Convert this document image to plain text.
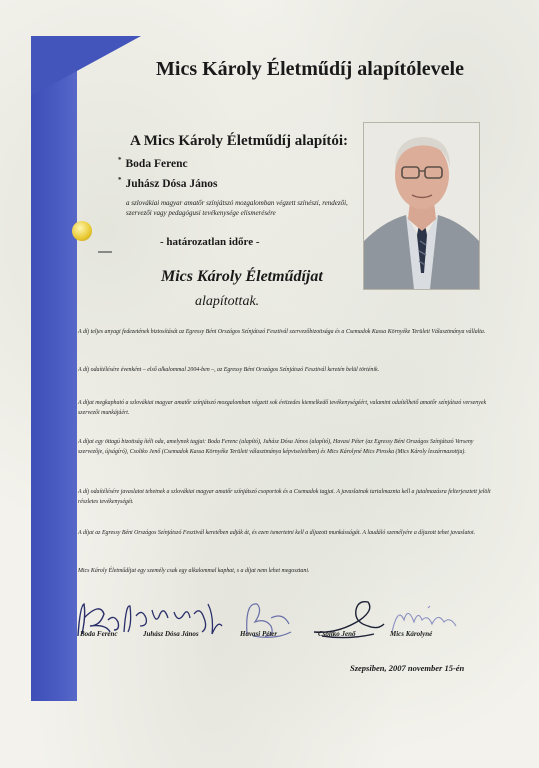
Mics Károly Életműdíj alapítólevele
A Mics Károly Életműdíj alapítói:
* Boda Ferenc
* Juhász Dósa János
a szlovákiai magyar amatőr színjátszó mozgalomban végzett színészi, rendezői, szervezői vagy pedagógusi tevékenysége elismerésére
- határozatlan időre -
Mics Károly Életműdíjat
alapítottak.
A díj teljes anyagi fedezetének biztosítását az Egressy Béni Országos Színjátszó Fesztivál szervezőbizottsága és a Csemadok Kassa Környéke Területi Választmánya vállalta.
A díj odaítélésére évenként – első alkalommal 2004-ben –, az Egressy Béni Országos Színjátszó Fesztivál keretén belül történik.
A díjat megkapható a szlovákiai magyar amatőr színjátszó mozgalomban végzett sok évtizedes kiemelkedő tevékenységéért, valamint odaítélhető amatőr színjátszó versenyek szervezői munkájáért.
A díjat egy öttagú bizottság ítéli oda, amelynek tagjai: Boda Ferenc (alapító), Juhász Dósa János (alapító), Havasi Péter (az Egressy Béni Országos Színjátszó Verseny szervezője, újságíró), Csoltko Jenő (Csemadok Kassa Környéke Területi választmánya képviseletében) és Mics Károlyné Mics Piroska (Mics Károly leszármazottja).
A díj odaítélésére javaslatot tehetnek a szlovákiai magyar amatőr színjátszó csoportok és a Csemadok tagjai. A javaslatnak tartalmaznia kell a jutalmazásra felterjesztett jelölt részletes tevékenységét.
A díjat az Egressy Béni Országos Színjátszó Fesztivál keretében adják át, és ezen ismertetni kell a díjazott munkásságát. A laudáló személyére a díjazott tehet javaslatot.
Mics Károly Életműdíjat egy személy csak egy alkalommal kaphat, s a díjat nem lehet megosztani.
Boda Ferenc	Juhász Dósa János	Havasi Péter	Csoltko Jenő	Mics Károlyné
Szepsiben, 2007 november 15-én
